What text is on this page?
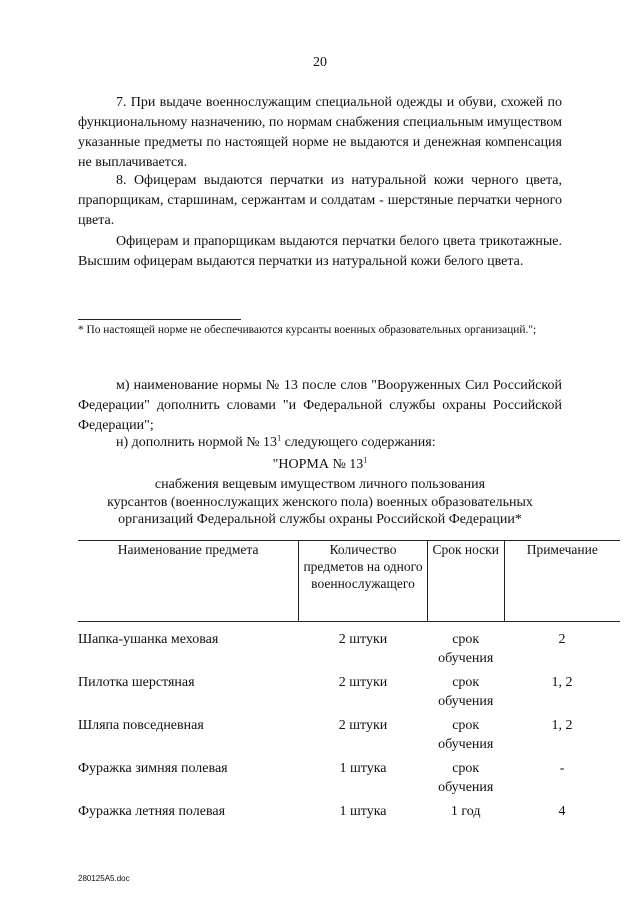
20

7. При выдаче военнослужащим специальной одежды и обуви, схожей по функциональному назначению, по нормам снабжения специальным имуществом указанные предметы по настоящей норме не выдаются и денежная компенсация не выплачивается.

8. Офицерам выдаются перчатки из натуральной кожи черного цвета, прапорщикам, старшинам, сержантам и солдатам - шерстяные перчатки черного цвета.

Офицерам и прапорщикам выдаются перчатки белого цвета трикотажные. Высшим офицерам выдаются перчатки из натуральной кожи белого цвета.

* По настоящей норме не обеспечиваются курсанты военных образовательных организаций.";

м) наименование нормы № 13 после слов "Вооруженных Сил Российской Федерации" дополнить словами "и Федеральной службы охраны Российской Федерации";

н) дополнить нормой № $13^1$ следующего содержания:

"НОРМА № $13^1$

снабжения вещевым имуществом личного пользования

курсантов (военнослужащих женского пола) военных образовательных

организаций Федеральной службы охраны Российской Федерации*

Наименование предмета	Количество предметов на одного военнослужащего	Срок носки	Примечание

Шапка-ушанка меховая	2 штуки	срок обучения	2
Пилотка шерстяная	2 штуки	срок обучения	1, 2
Шляпа повседневная	2 штуки	срок обучения	1, 2
Фуражка зимняя полевая	1 штука	срок обучения	-
Фуражка летняя полевая	1 штука	1 год	4
280125A5.doc
